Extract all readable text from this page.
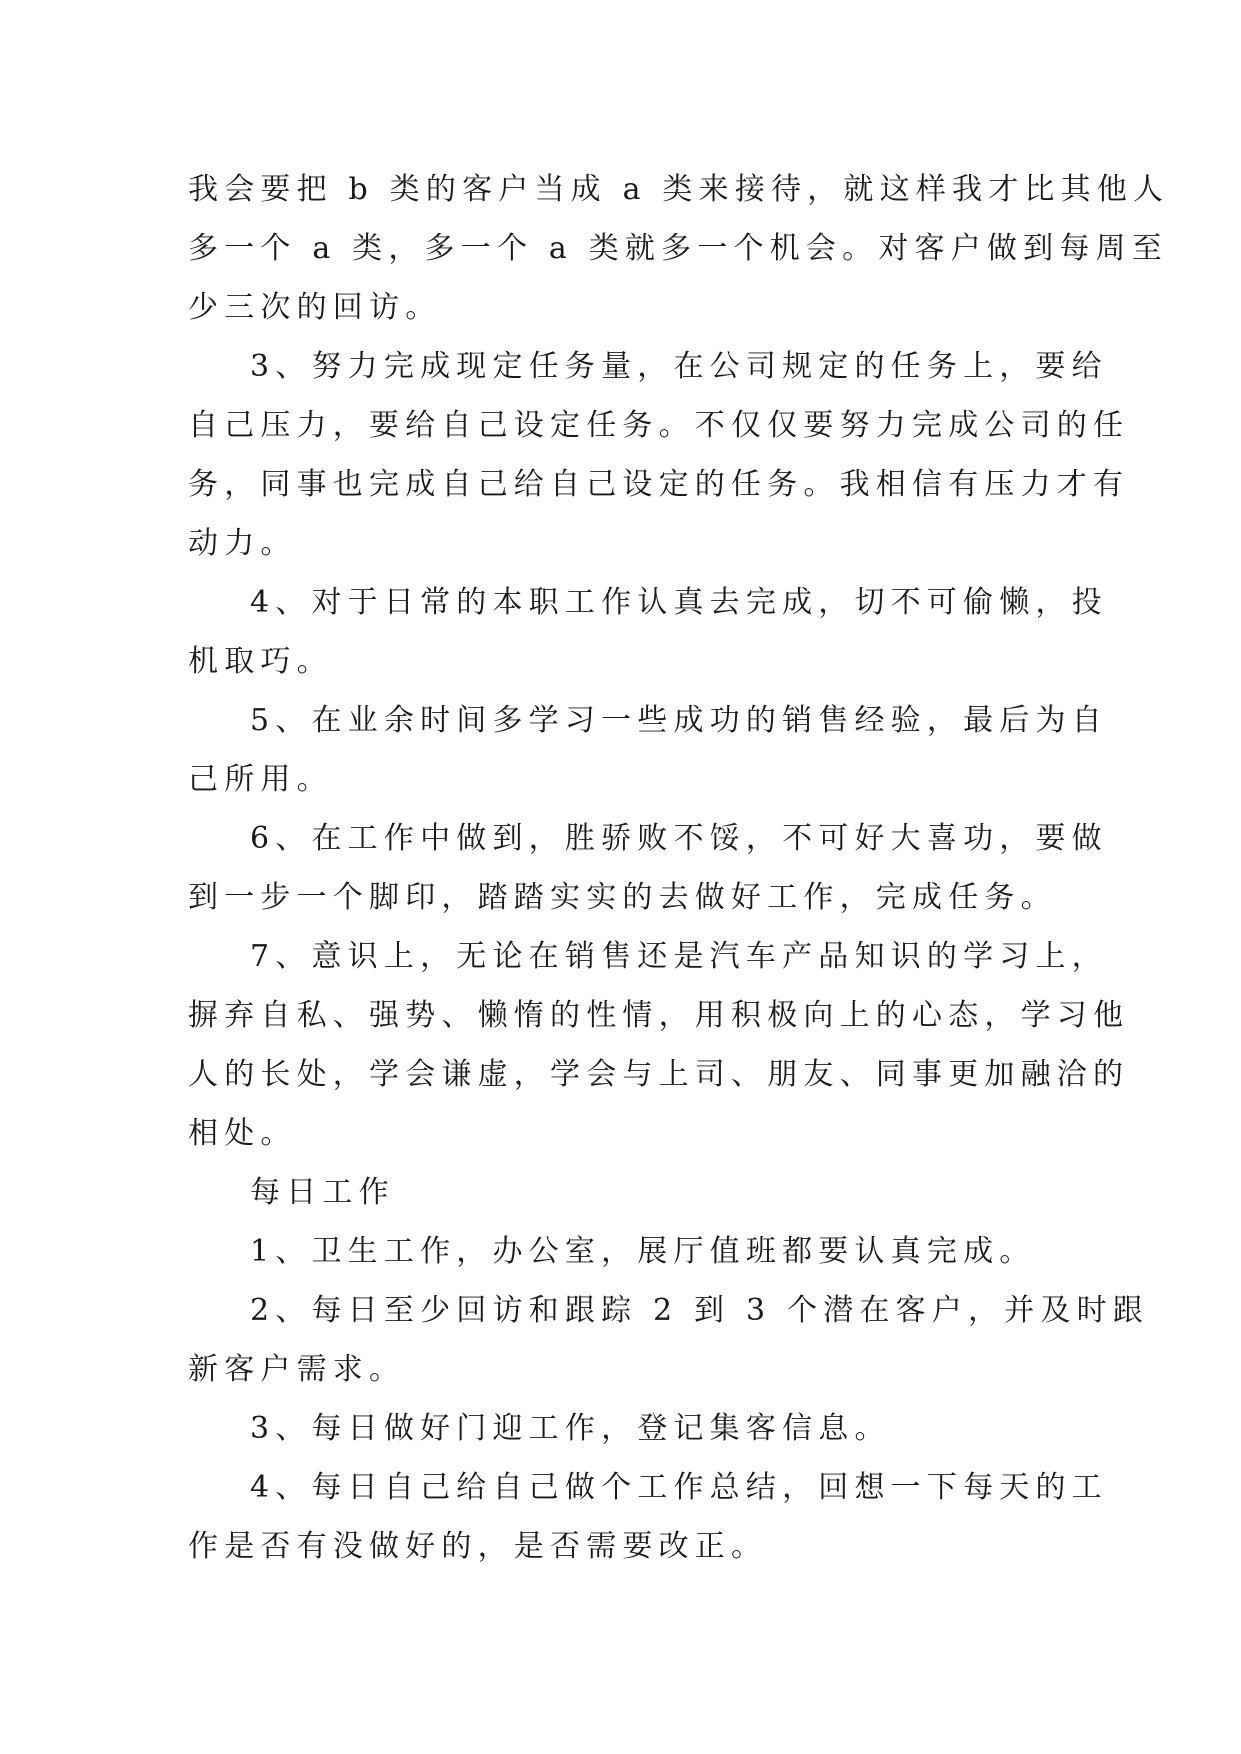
我会要把 b 类的客户当成 a 类来接待，就这样我才比其他人

多一个 a 类，多一个 a 类就多一个机会。对客户做到每周至

少三次的回访。

3、努力完成现定任务量，在公司规定的任务上，要给

自己压力，要给自己设定任务。不仅仅要努力完成公司的任

务，同事也完成自己给自己设定的任务。我相信有压力才有

动力。

4、对于日常的本职工作认真去完成，切不可偷懒，投

机取巧。

5、在业余时间多学习一些成功的销售经验，最后为自

己所用。

6、在工作中做到，胜骄败不馁，不可好大喜功，要做

到一步一个脚印，踏踏实实的去做好工作，完成任务。

7、意识上，无论在销售还是汽车产品知识的学习上，

摒弃自私、强势、懒惰的性情，用积极向上的心态，学习他

人的长处，学会谦虚，学会与上司、朋友、同事更加融洽的

相处。

每日工作

1、卫生工作，办公室，展厅值班都要认真完成。

2、每日至少回访和跟踪 2 到 3 个潜在客户，并及时跟

新客户需求。

3、每日做好门迎工作，登记集客信息。

4、每日自己给自己做个工作总结，回想一下每天的工

作是否有没做好的，是否需要改正。
